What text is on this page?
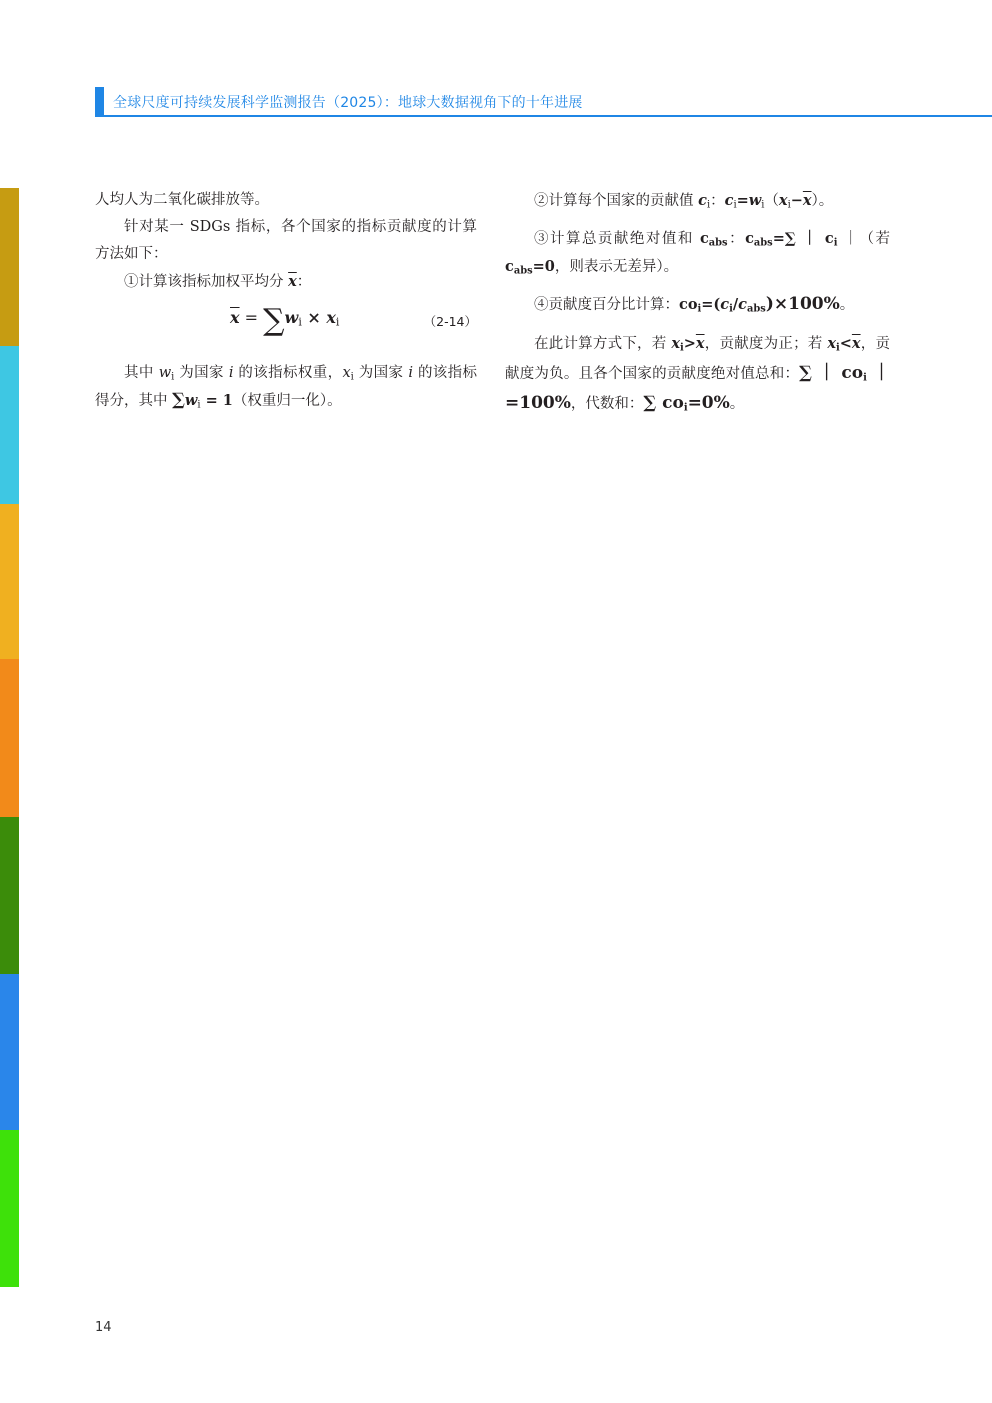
全球尺度可持续发展科学监测报告（2025）：地球大数据视角下的十年进展

人均人为二氧化碳排放等。

针对某一 SDGs 指标，各个国家的指标贡献度的计算方法如下：

①计算该指标加权平均分 $\overline{x}$：

$\overline{x} = \sum w_i \times x_i$	（2-14）

其中 $w_i$ 为国家 i 的该指标权重，$x_i$ 为国家 i 的该指标得分，其中 $\sum w_i = 1$（权重归一化）。

②计算每个国家的贡献值 $c_i$：$c_i=w_i(x_i-\overline{x})$。

③计算总贡献绝对值和 $c_{abs}$：$c_{abs}=\sum$ ｜ $c_i$ ｜（若 $c_{abs}=0$，则表示无差异）。

④贡献度百分比计算：$co_i=(c_i/c_{abs})\times 100\%$。

在此计算方式下，若 $x_i>\overline{x}$，贡献度为正；若 $x_i<\overline{x}$，贡献度为负。且各个国家的贡献度绝对值总和：∑ ｜ $co_i$ ｜ =100%，代数和：∑ $co_i=0\%$。

14
